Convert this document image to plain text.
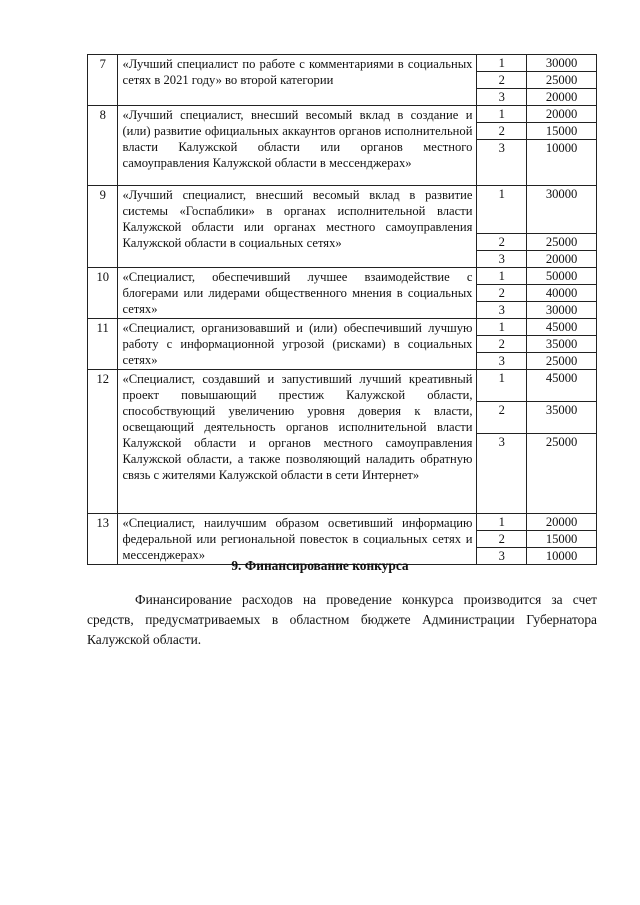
7	«Лучший специалист по работе с комментариями в социальных сетях в 2021 году» во второй категории	1	30000
		2	25000
		3	20000
8	«Лучший специалист, внесший весомый вклад в создание и (или) развитие официальных аккаунтов органов исполнительной власти Калужской области или органов местного самоуправления Калужской области в мессенджерах»	1	20000
		2	15000
		3	10000
9	«Лучший специалист, внесший весомый вклад в развитие системы «Госпаблики» в органах исполнительной власти Калужской области или органах местного самоуправления Калужской области в социальных сетях»	1	30000
		2	25000
		3	20000
10	«Специалист, обеспечивший лучшее взаимодействие с блогерами или лидерами общественного мнения в социальных сетях»	1	50000
		2	40000
		3	30000
11	«Специалист, организовавший и (или) обеспечивший лучшую работу с информационной угрозой (рисками) в социальных сетях»	1	45000
		2	35000
		3	25000
12	«Специалист, создавший и запустивший лучший креативный проект повышающий престиж Калужской области, способствующий увеличению уровня доверия к власти, освещающий деятельность органов исполнительной власти Калужской области и органов местного самоуправления Калужской области, а также позволяющий наладить обратную связь с жителями Калужской области в сети Интернет»	1	45000
		2	35000
		3	25000
13	«Специалист, наилучшим образом осветивший информацию федеральной или региональной повесток в социальных сетях и мессенджерах»	1	20000
		2	15000
		3	10000
9. Финансирование конкурса

Финансирование расходов на проведение конкурса производится за счет средств, предусматриваемых в областном бюджете Администрации Губернатора Калужской области.
